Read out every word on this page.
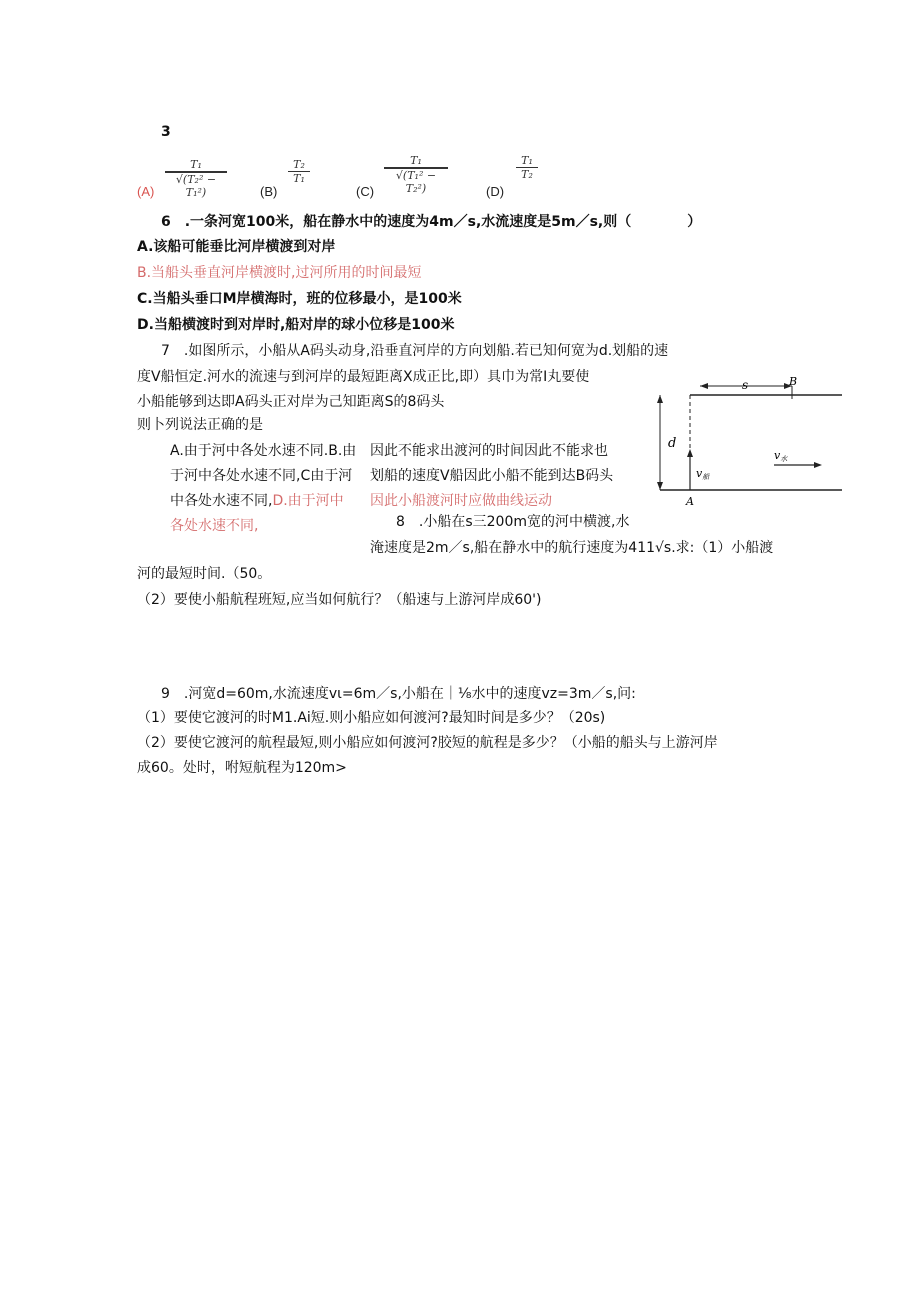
3
$(A) \frac{\text{T₁}}{\text{√(T₂² − T₁²)}}$	(B)
$\frac{\text{T₂}}{\text{T₁}}$
$(C) \frac{\text{T₁}}{\text{√(T₁² − T₂²)}}$	(D)
$\frac{\text{T₁}}{\text{T₂}}$
6　.一条河宽100米，船在静水中的速度为4m／s,水流速度是5m／s,则（　　　　）
A.该船可能垂比河岸横渡到对岸
B.当船头垂直河岸横渡时,过河所用的时间最短
C.当船头垂口M岸横海时，班的位移最小，是100米
D.当船横渡时到对岸时,船对岸的球小位移是100米
7　.如图所示，小船从A码头动身,沿垂直河岸的方向划船.若已知何宽为d.划船的速
度V船恒定.河水的流速与到河岸的最短距离X成正比,即）具巾为常I丸要使
小船能够到达即A码头正对岸为己知距离S的8码头
则卜列说法正确的是
A.由于河中各处水速不同.B.由
于河中各处水速不同,C由于河
中各处水速不同,D.由于河中
各处水速不同,
因此不能求出渡河的时间因此不能求也
划船的速度V船因此小船不能到达B码头
因此小船渡河时应做曲线运动
d
s	B
v船
v水
A
8　.小船在s三200m宽的河中横渡,水
淹速度是2m／s,船在静水中的航行速度为411√s.求:（1）小船渡
河的最短时间.（50。
（2）要使小船航程班短,应当如何航行？（船速与上游河岸成60')
9　.河宽d=60m,水流速度vι=6m／s,小船在｜⅛水中的速度vz=3m／s,问:
（1）要使它渡河的时M1.Ai短.则小船应如何渡河?最知时间是多少？（20s)
（2）要使它渡河的航程最短,则小船应如何渡河?胶短的航程是多少？（小船的船头与上游河岸
成60。处时，咐短航程为120m>
